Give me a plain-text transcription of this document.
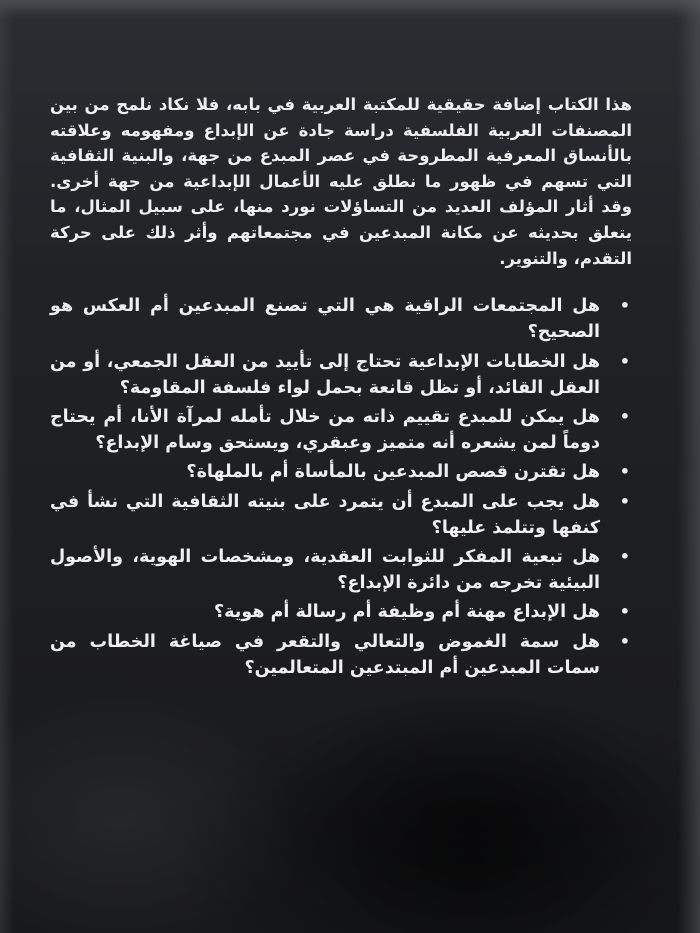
هذا الكتاب إضافة حقيقية للمكتبة العربية في بابه، فلا نكاد نلمح من بين المصنفات العربية الفلسفية دراسة جادة عن الإبداع ومفهومه وعلاقته بالأنساق المعرفية المطروحة في عصر المبدع من جهة، والبنية الثقافية التي تسهم في ظهور ما نطلق عليه الأعمال الإبداعية من جهة أخرى. وقد أثار المؤلف العديد من التساؤلات نورد منها، على سبيل المثال، ما يتعلق بحديثه عن مكانة المبدعين في مجتمعاتهم وأثر ذلك على حركة التقدم، والتنوير.

•
هل المجتمعات الراقية هي التي تصنع المبدعين أم العكس هو الصحيح؟
•
هل الخطابات الإبداعية تحتاج إلى تأييد من العقل الجمعي، أو من العقل القائد، أو تظل قانعة بحمل لواء فلسفة المقاومة؟
•
هل يمكن للمبدع تقييم ذاته من خلال تأمله لمرآة الأنا، أم يحتاج دوماً لمن يشعره أنه متميز وعبقري، ويستحق وسام الإبداع؟
•
هل تقترن قصص المبدعين بالمأساة أم بالملهاة؟
•
هل يجب على المبدع أن يتمرد على بنيته الثقافية التي نشأ في كنفها وتتلمذ عليها؟
•
هل تبعية المفكر للثوابت العقدية، ومشخصات الهوية، والأصول البيئية تخرجه من دائرة الإبداع؟
•
هل الإبداع مهنة أم وظيفة أم رسالة أم هوية؟
•
هل سمة الغموض والتعالي والتقعر في صياغة الخطاب من سمات المبدعين أم المبتدعين المتعالمين؟
